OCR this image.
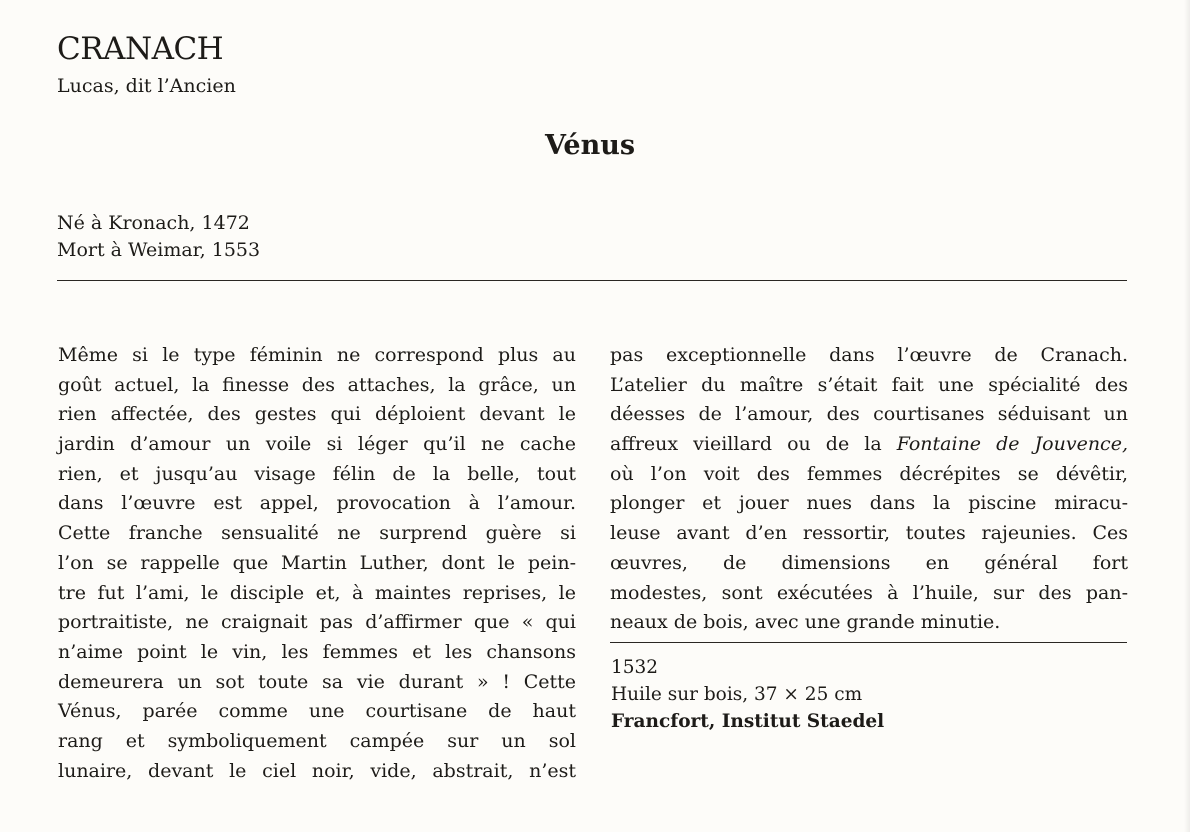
CRANACH
Lucas, dit l’Ancien
Vénus
Né à Kronach, 1472
Mort à Weimar, 1553
Même si le type féminin ne correspond plus au
goût actuel, la finesse des attaches, la grâce, un
rien affectée, des gestes qui déploient devant le
jardin d’amour un voile si léger qu’il ne cache
rien, et jusqu’au visage félin de la belle, tout
dans l’œuvre est appel, provocation à l’amour.
Cette franche sensualité ne surprend guère si
l’on se rappelle que Martin Luther, dont le pein-
tre fut l’ami, le disciple et, à maintes reprises, le
portraitiste, ne craignait pas d’affirmer que « qui
n’aime point le vin, les femmes et les chansons
demeurera un sot toute sa vie durant » ! Cette
Vénus, parée comme une courtisane de haut
rang et symboliquement campée sur un sol
lunaire, devant le ciel noir, vide, abstrait, n’est
pas exceptionnelle dans l’œuvre de Cranach.
L’atelier du maître s’était fait une spécialité des
déesses de l’amour, des courtisanes séduisant un
affreux vieillard ou de la Fontaine de Jouvence,
où l’on voit des femmes décrépites se dévêtir,
plonger et jouer nues dans la piscine miracu-
leuse avant d’en ressortir, toutes rajeunies. Ces
œuvres, de dimensions en général fort
modestes, sont exécutées à l’huile, sur des pan-
neaux de bois, avec une grande minutie.
1532
Huile sur bois, 37 × 25 cm
Francfort, Institut Staedel
